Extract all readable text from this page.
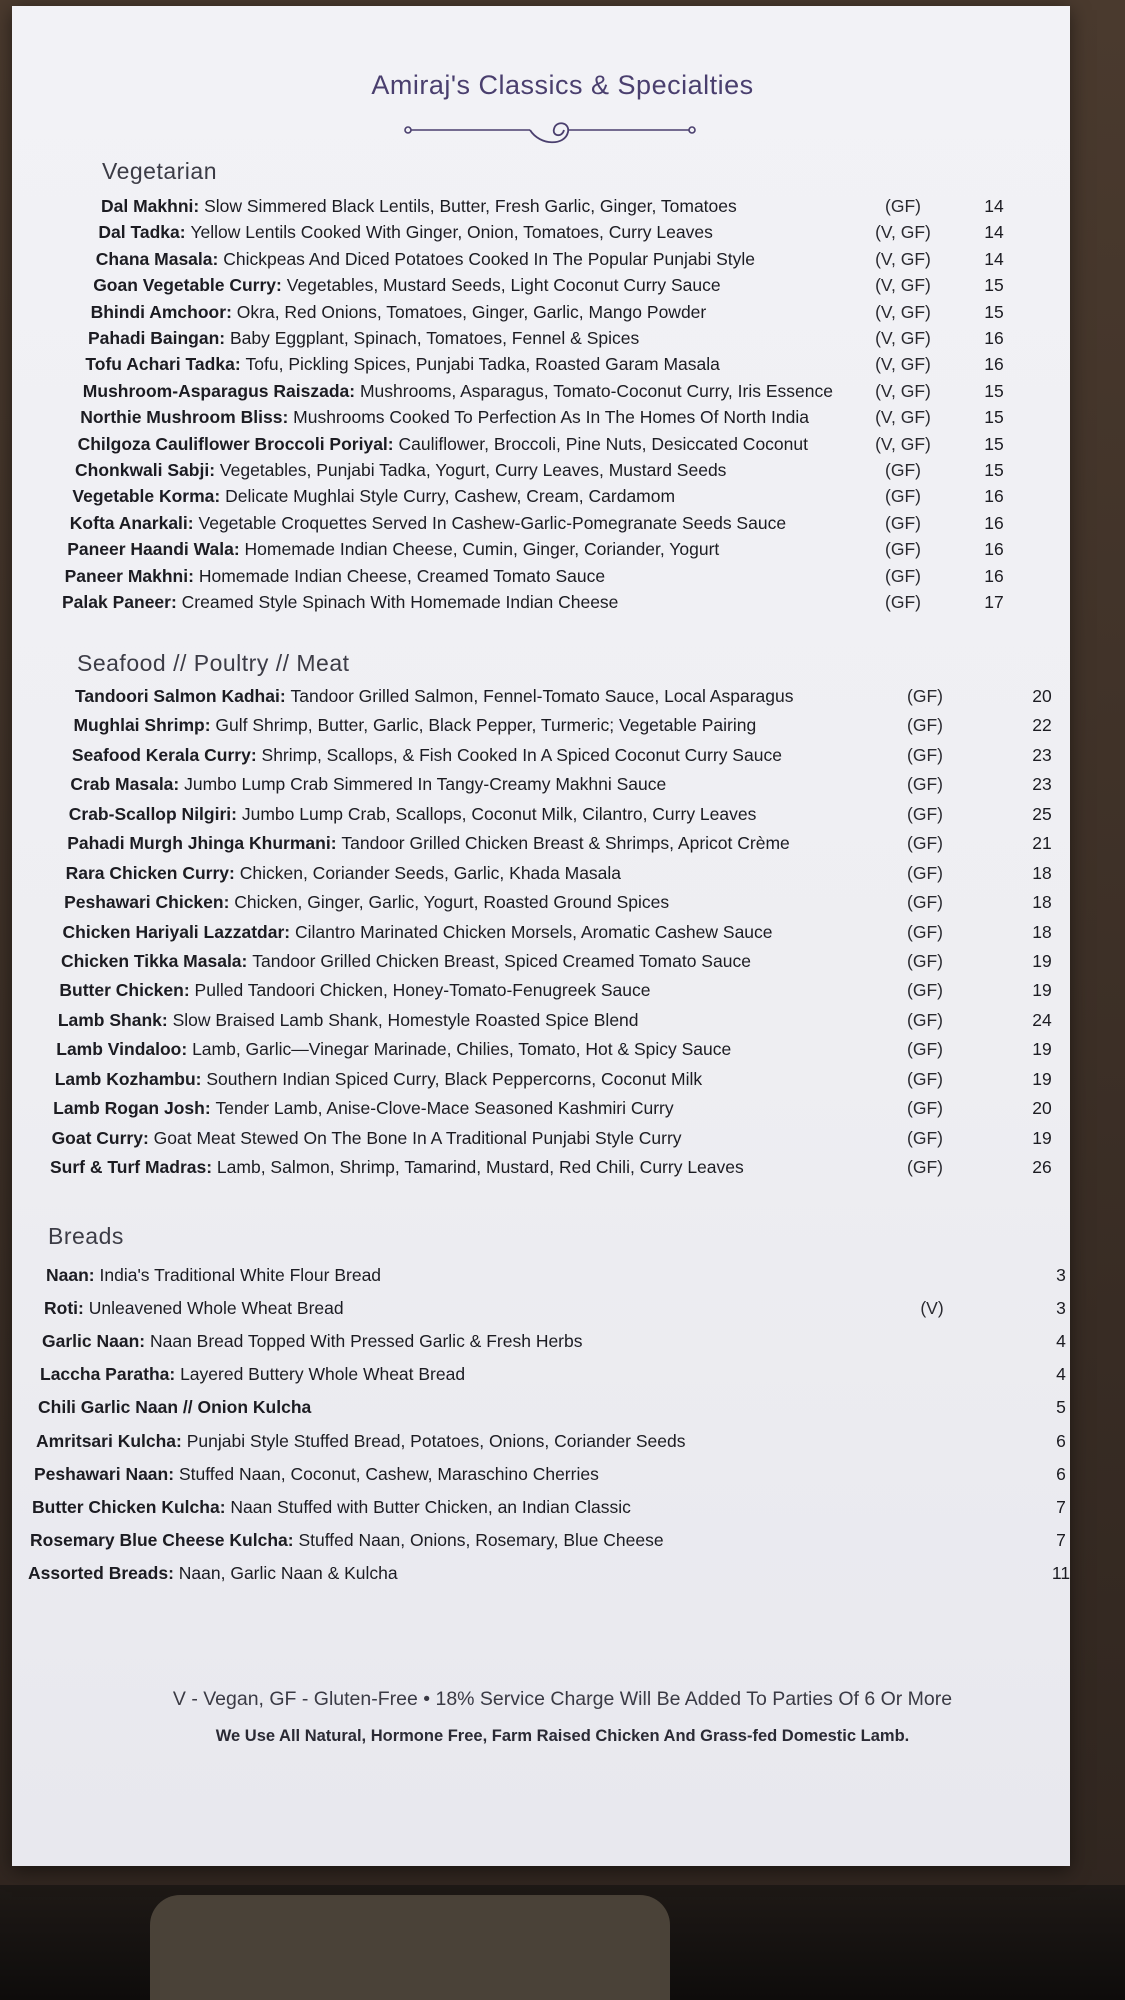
Amiraj's Classics & Specialties
Vegetarian
Dal Makhni: Slow Simmered Black Lentils, Butter, Fresh Garlic, Ginger, Tomatoes	(GF)	14
Dal Tadka: Yellow Lentils Cooked With Ginger, Onion, Tomatoes, Curry Leaves	(V, GF)	14
Chana Masala: Chickpeas And Diced Potatoes Cooked In The Popular Punjabi Style	(V, GF)	14
Goan Vegetable Curry: Vegetables, Mustard Seeds, Light Coconut Curry Sauce	(V, GF)	15
Bhindi Amchoor: Okra, Red Onions, Tomatoes, Ginger, Garlic, Mango Powder	(V, GF)	15
Pahadi Baingan: Baby Eggplant, Spinach, Tomatoes, Fennel & Spices	(V, GF)	16
Tofu Achari Tadka: Tofu, Pickling Spices, Punjabi Tadka, Roasted Garam Masala	(V, GF)	16
Mushroom-Asparagus Raiszada: Mushrooms, Asparagus, Tomato-Coconut Curry, Iris Essence	(V, GF)	15
Northie Mushroom Bliss: Mushrooms Cooked To Perfection As In The Homes Of North India	(V, GF)	15
Chilgoza Cauliflower Broccoli Poriyal: Cauliflower, Broccoli, Pine Nuts, Desiccated Coconut	(V, GF)	15
Chonkwali Sabji: Vegetables, Punjabi Tadka, Yogurt, Curry Leaves, Mustard Seeds	(GF)	15
Vegetable Korma: Delicate Mughlai Style Curry, Cashew, Cream, Cardamom	(GF)	16
Kofta Anarkali: Vegetable Croquettes Served In Cashew-Garlic-Pomegranate Seeds Sauce	(GF)	16
Paneer Haandi Wala: Homemade Indian Cheese, Cumin, Ginger, Coriander, Yogurt	(GF)	16
Paneer Makhni: Homemade Indian Cheese, Creamed Tomato Sauce	(GF)	16
Palak Paneer: Creamed Style Spinach With Homemade Indian Cheese	(GF)	17
Seafood // Poultry // Meat
Tandoori Salmon Kadhai: Tandoor Grilled Salmon, Fennel-Tomato Sauce, Local Asparagus	(GF)	20
Mughlai Shrimp: Gulf Shrimp, Butter, Garlic, Black Pepper, Turmeric; Vegetable Pairing	(GF)	22
Seafood Kerala Curry: Shrimp, Scallops, & Fish Cooked In A Spiced Coconut Curry Sauce	(GF)	23
Crab Masala: Jumbo Lump Crab Simmered In Tangy-Creamy Makhni Sauce	(GF)	23
Crab-Scallop Nilgiri: Jumbo Lump Crab, Scallops, Coconut Milk, Cilantro, Curry Leaves	(GF)	25
Pahadi Murgh Jhinga Khurmani: Tandoor Grilled Chicken Breast & Shrimps, Apricot Crème	(GF)	21
Rara Chicken Curry: Chicken, Coriander Seeds, Garlic, Khada Masala	(GF)	18
Peshawari Chicken: Chicken, Ginger, Garlic, Yogurt, Roasted Ground Spices	(GF)	18
Chicken Hariyali Lazzatdar: Cilantro Marinated Chicken Morsels, Aromatic Cashew Sauce	(GF)	18
Chicken Tikka Masala: Tandoor Grilled Chicken Breast, Spiced Creamed Tomato Sauce	(GF)	19
Butter Chicken: Pulled Tandoori Chicken, Honey-Tomato-Fenugreek Sauce	(GF)	19
Lamb Shank: Slow Braised Lamb Shank, Homestyle Roasted Spice Blend	(GF)	24
Lamb Vindaloo: Lamb, Garlic—Vinegar Marinade, Chilies, Tomato, Hot & Spicy Sauce	(GF)	19
Lamb Kozhambu: Southern Indian Spiced Curry, Black Peppercorns, Coconut Milk	(GF)	19
Lamb Rogan Josh: Tender Lamb, Anise-Clove-Mace Seasoned Kashmiri Curry	(GF)	20
Goat Curry: Goat Meat Stewed On The Bone In A Traditional Punjabi Style Curry	(GF)	19
Surf & Turf Madras: Lamb, Salmon, Shrimp, Tamarind, Mustard, Red Chili, Curry Leaves	(GF)	26
Breads
Naan: India's Traditional White Flour Bread	3
Roti: Unleavened Whole Wheat Bread	(V)	3
Garlic Naan: Naan Bread Topped With Pressed Garlic & Fresh Herbs	4
Laccha Paratha: Layered Buttery Whole Wheat Bread	4
Chili Garlic Naan // Onion Kulcha	5
Amritsari Kulcha: Punjabi Style Stuffed Bread, Potatoes, Onions, Coriander Seeds	6
Peshawari Naan: Stuffed Naan, Coconut, Cashew, Maraschino Cherries	6
Butter Chicken Kulcha: Naan Stuffed with Butter Chicken, an Indian Classic	7
Rosemary Blue Cheese Kulcha: Stuffed Naan, Onions, Rosemary, Blue Cheese	7
Assorted Breads: Naan, Garlic Naan & Kulcha	11
V - Vegan, GF - Gluten-Free • 18% Service Charge Will Be Added To Parties Of 6 Or More
We Use All Natural, Hormone Free, Farm Raised Chicken And Grass-fed Domestic Lamb.
